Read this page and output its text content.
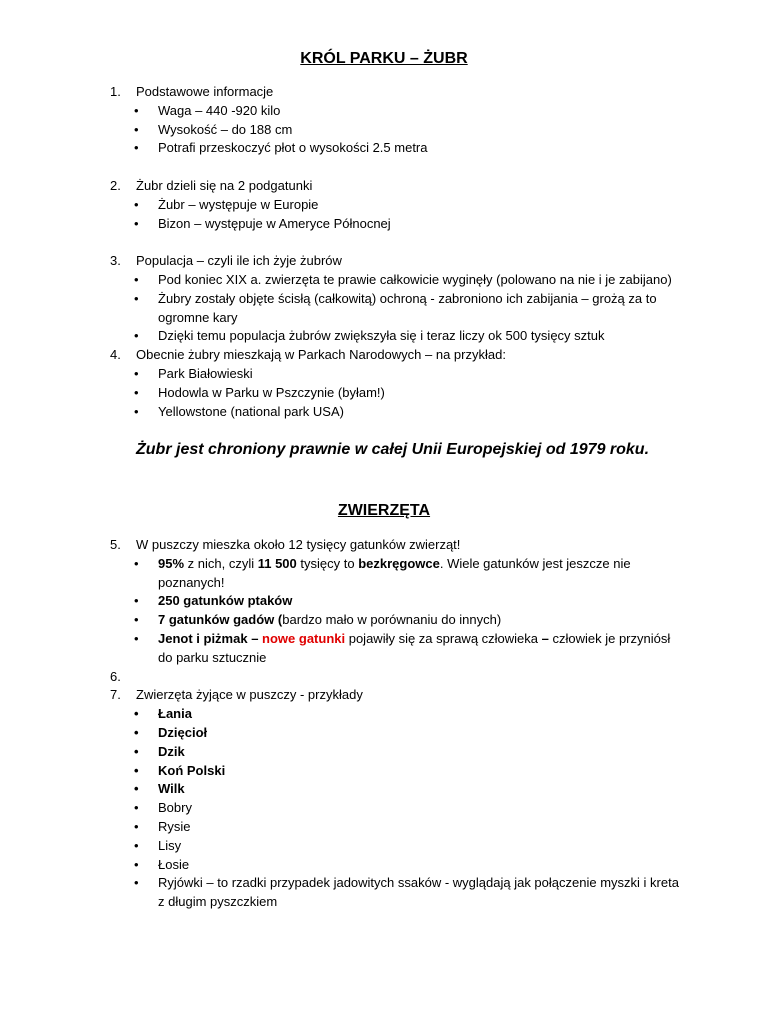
KRÓL PARKU – ŻUBR
1.	Podstawowe informacje
• Waga – 440 -920 kilo
• Wysokość – do 188 cm
• Potrafi przeskoczyć płot o wysokości 2.5 metra
2.	Żubr dzieli się na 2 podgatunki
• Żubr – występuje w Europie
• Bizon – występuje w Ameryce Północnej
3.	Populacja – czyli ile ich żyje żubrów
• Pod koniec XIX a. zwierzęta te prawie całkowicie wyginęły (polowano na nie i je zabijano)
• Żubry zostały objęte ścisłą (całkowitą) ochroną - zabroniono ich zabijania – grożą za to ogromne kary
• Dzięki temu populacja żubrów zwiększyła się i teraz liczy ok 500 tysięcy sztuk
4.	Obecnie żubry mieszkają w Parkach Narodowych – na przykład:
• Park Białowieski
• Hodowla w Parku w Pszczynie (byłam!)
• Yellowstone (national park USA)
Żubr jest chroniony prawnie w całej Unii Europejskiej od 1979 roku.
ZWIERZĘTA
5.	W puszczy mieszka około 12 tysięcy gatunków zwierząt!
• 95% z nich, czyli 11 500 tysięcy to bezkręgowce. Wiele gatunków jest jeszcze nie poznanych!
• 250 gatunków ptaków
• 7 gatunków gadów (bardzo mało w porównaniu do innych)
• Jenot i piżmak – nowe gatunki pojawiły się za sprawą człowieka – człowiek je przyniósł do parku sztucznie
6.
7.	Zwierzęta żyjące w puszczy - przykłady
• Łania
• Dzięcioł
• Dzik
• Koń Polski
• Wilk
• Bobry
• Rysie
• Lisy
• Łosie
• Ryjówki – to rzadki przypadek jadowitych ssaków - wyglądają jak połączenie myszki i kreta z długim pyszczkiem
